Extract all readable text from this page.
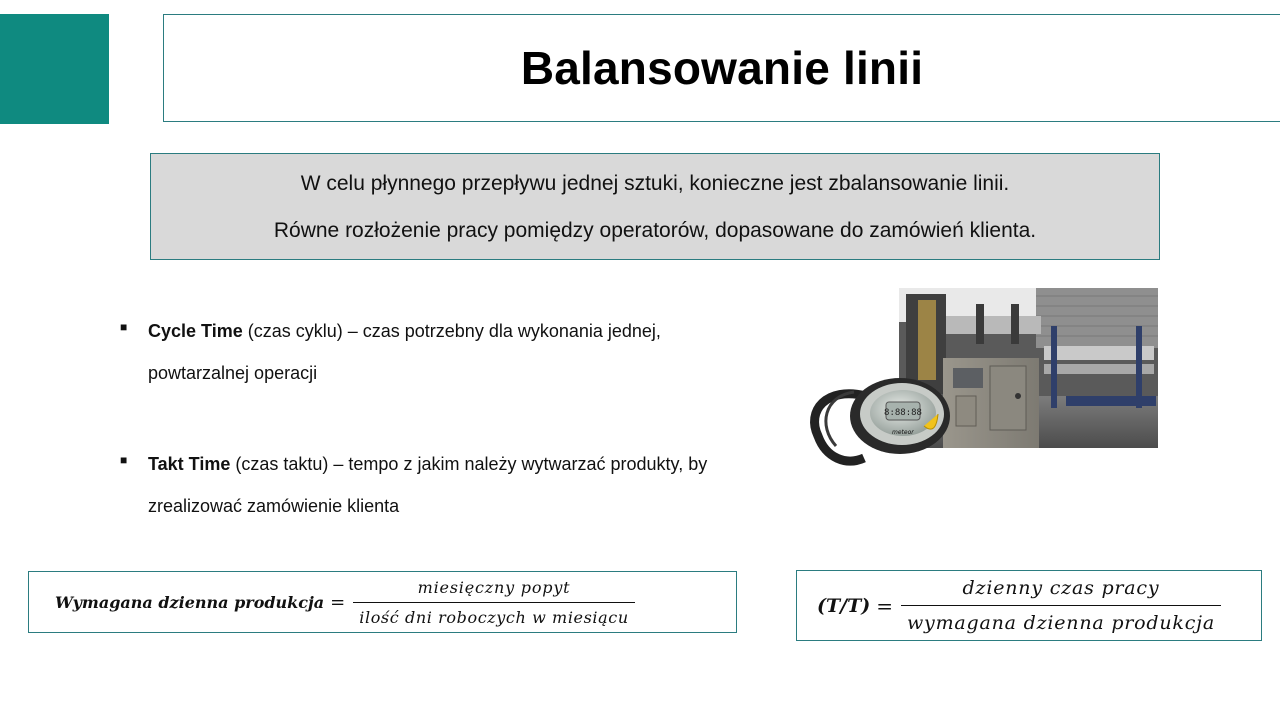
Balansowanie linii

W celu płynnego przepływu jednej sztuki, konieczne jest zbalansowanie linii.

Równe rozłożenie pracy pomiędzy operatorów, dopasowane do zamówień klienta.

■ Cycle Time (czas cyklu) – czas potrzebny dla wykonania jednej, powtarzalnej operacji
■ Takt Time (czas taktu) – tempo z jakim należy wytwarzać produkty, by zrealizować zamówienie klienta
8:88:88
meteor
Wymagana dzienna produkcja = $\frac{\text{miesięczny popyt}}{\text{ilość dni roboczych w miesiącu}}$	$(T/T) = \frac{\text{dzienny czas pracy}}{\text{wymagana dzienna produkcja}}$
